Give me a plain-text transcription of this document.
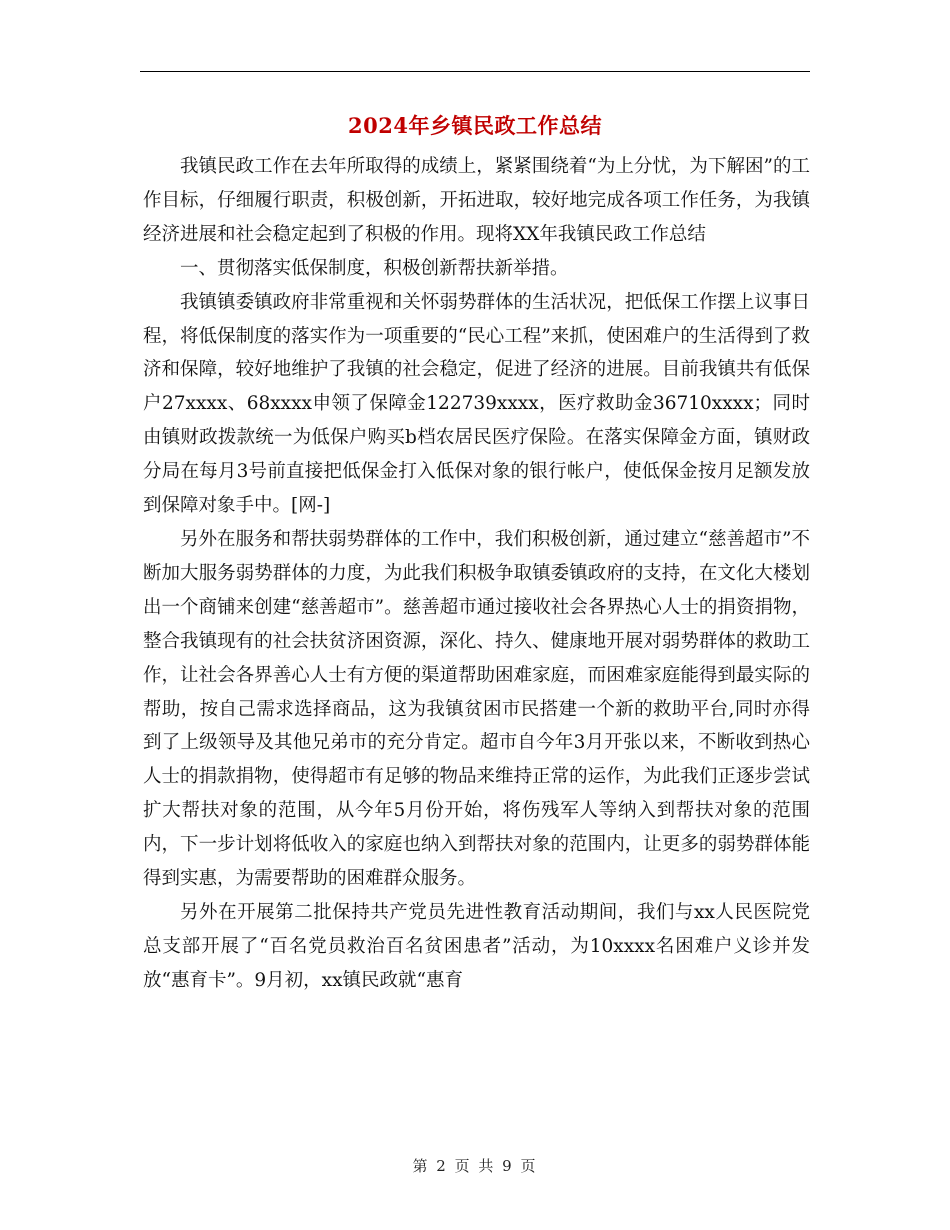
2024年乡镇民政工作总结

我镇民政工作在去年所取得的成绩上，紧紧围绕着“为上分忧，为下解困”的工作目标，仔细履行职责，积极创新，开拓进取，较好地完成各项工作任务，为我镇经济进展和社会稳定起到了积极的作用。现将XX年我镇民政工作总结

一、贯彻落实低保制度，积极创新帮扶新举措。

我镇镇委镇政府非常重视和关怀弱势群体的生活状况，把低保工作摆上议事日程，将低保制度的落实作为一项重要的“民心工程”来抓，使困难户的生活得到了救济和保障，较好地维护了我镇的社会稳定，促进了经济的进展。目前我镇共有低保户27xxxx、68xxxx申领了保障金122739xxxx，医疗救助金36710xxxx；同时由镇财政拨款统一为低保户购买b档农居民医疗保险。在落实保障金方面，镇财政分局在每月3号前直接把低保金打入低保对象的银行帐户，使低保金按月足额发放到保障对象手中。[网-]

另外在服务和帮扶弱势群体的工作中，我们积极创新，通过建立“慈善超市”不断加大服务弱势群体的力度，为此我们积极争取镇委镇政府的支持，在文化大楼划出一个商铺来创建“慈善超市”。慈善超市通过接收社会各界热心人士的捐资捐物，整合我镇现有的社会扶贫济困资源，深化、持久、健康地开展对弱势群体的救助工作，让社会各界善心人士有方便的渠道帮助困难家庭，而困难家庭能得到最实际的帮助，按自己需求选择商品，这为我镇贫困市民搭建一个新的救助平台,同时亦得到了上级领导及其他兄弟市的充分肯定。超市自今年3月开张以来，不断收到热心人士的捐款捐物，使得超市有足够的物品来维持正常的运作，为此我们正逐步尝试扩大帮扶对象的范围，从今年5月份开始，将伤残军人等纳入到帮扶对象的范围内，下一步计划将低收入的家庭也纳入到帮扶对象的范围内，让更多的弱势群体能得到实惠，为需要帮助的困难群众服务。

另外在开展第二批保持共产党员先进性教育活动期间，我们与xx人民医院党总支部开展了“百名党员救治百名贫困患者”活动，为10xxxx名困难户义诊并发放“惠育卡”。9月初，xx镇民政就“惠育

第 2 页 共 9 页
